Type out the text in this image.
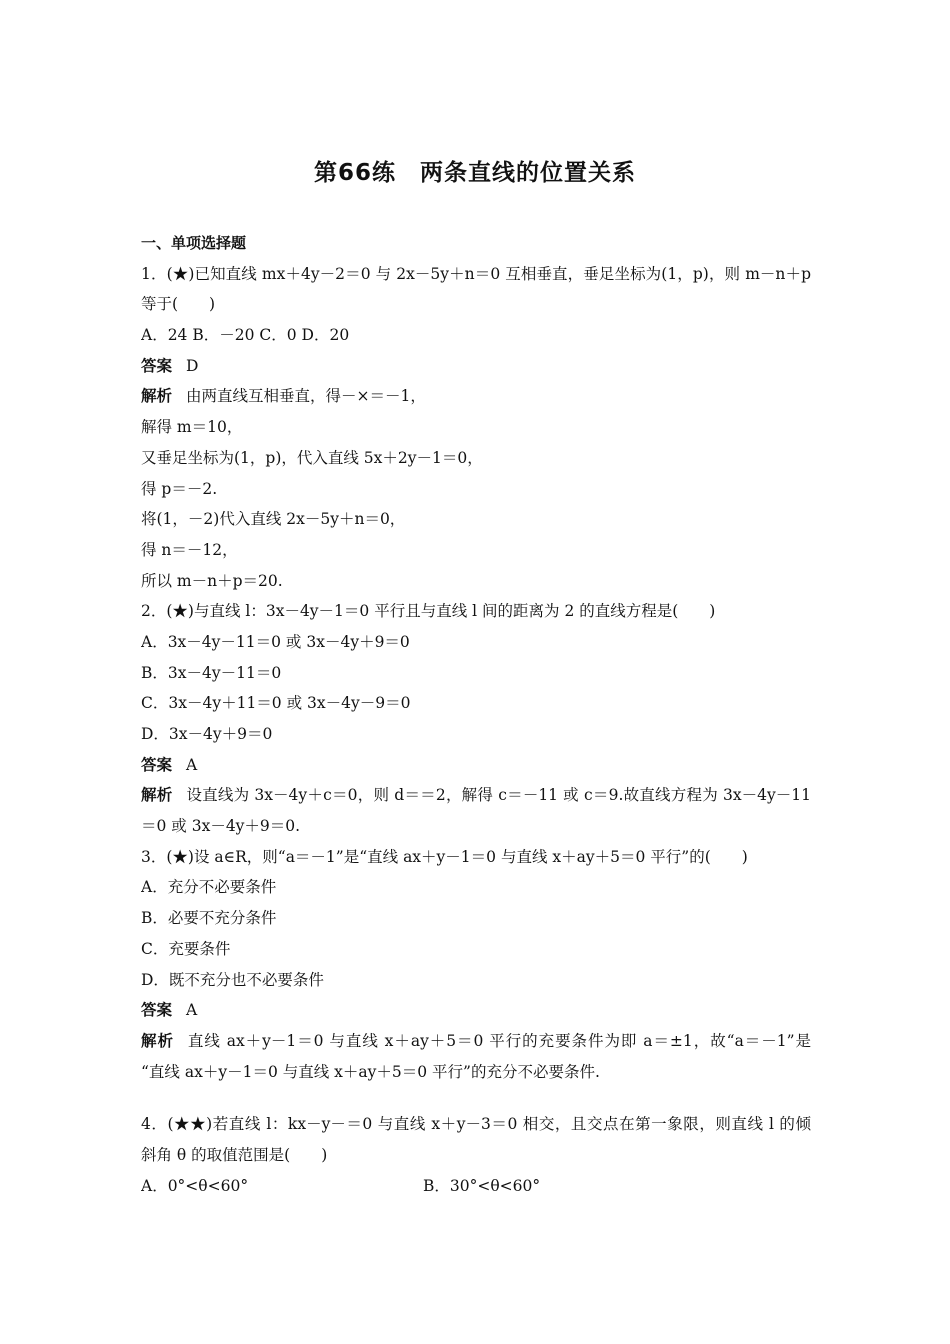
第66练　两条直线的位置关系
一、单项选择题
1．(★)已知直线 mx＋4y－2＝0 与 2x－5y＋n＝0 互相垂直，垂足坐标为(1，p)，则 m－n＋p
等于(　　)
A．24 B．－20 C．0 D．20
答案 D
解析 由两直线互相垂直，得－×＝－1，
解得 m＝10，
又垂足坐标为(1，p)，代入直线 5x＋2y－1＝0，
得 p＝－2.
将(1，－2)代入直线 2x－5y＋n＝0，
得 n＝－12，
所以 m－n＋p＝20.
2．(★)与直线 l：3x－4y－1＝0 平行且与直线 l 间的距离为 2 的直线方程是(　　)
A．3x－4y－11＝0 或 3x－4y＋9＝0
B．3x－4y－11＝0
C．3x－4y＋11＝0 或 3x－4y－9＝0
D．3x－4y＋9＝0
答案 A
解析 设直线为 3x－4y＋c＝0，则 d＝＝2，解得 c＝－11 或 c＝9.故直线方程为 3x－4y－11
＝0 或 3x－4y＋9＝0.
3．(★)设 a∈R，则“a＝－1”是“直线 ax＋y－1＝0 与直线 x＋ay＋5＝0 平行”的(　　)
A．充分不必要条件
B．必要不充分条件
C．充要条件
D．既不充分也不必要条件
答案 A
解析 直线 ax＋y－1＝0 与直线 x＋ay＋5＝0 平行的充要条件为即 a＝±1，故“a＝－1”是
“直线 ax＋y－1＝0 与直线 x＋ay＋5＝0 平行”的充分不必要条件.
4．(★★)若直线 l：kx－y－＝0 与直线 x＋y－3＝0 相交，且交点在第一象限，则直线 l 的倾
斜角 θ 的取值范围是(　　)
A．0°<θ<60°	B．30°<θ<60°
